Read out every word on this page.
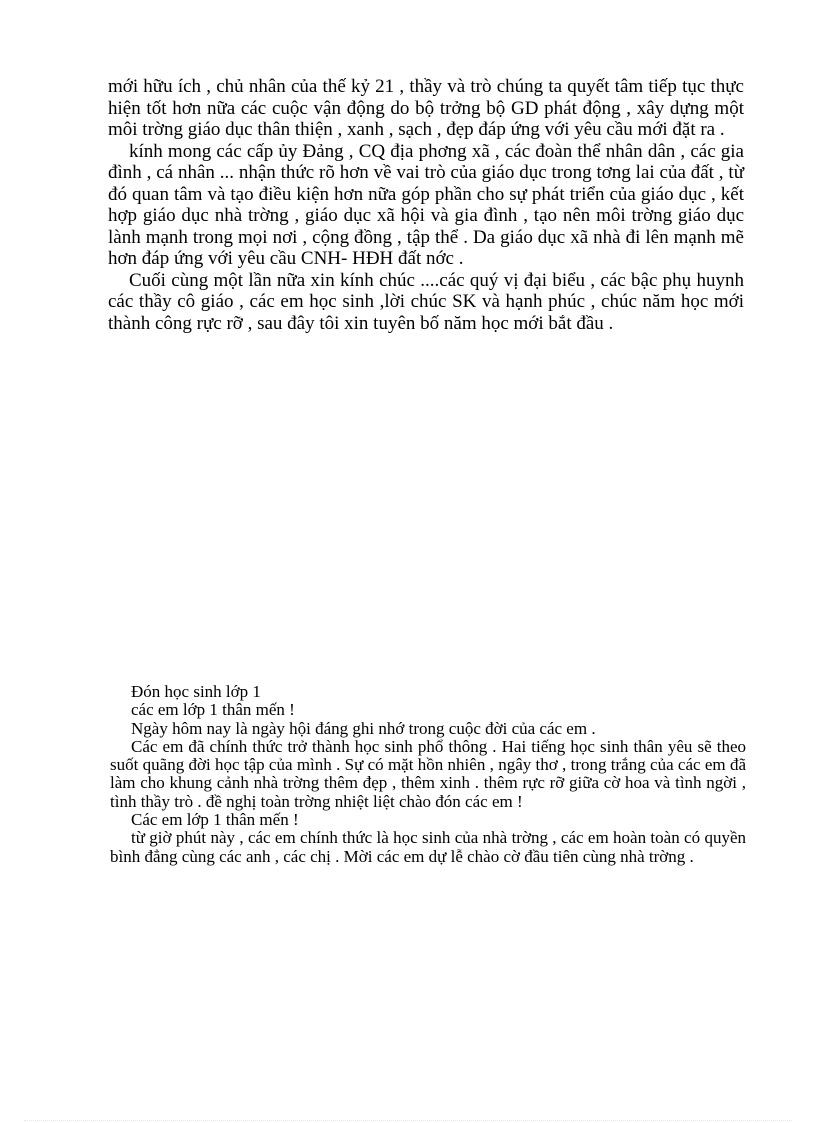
mới hữu ích , chủ nhân của thế kỷ 21 , thầy và trò chúng ta quyết tâm tiếp tục thực hiện tốt hơn nữa các cuộc vận động do bộ trởng bộ GD phát động , xây dựng một môi trờng giáo dục thân thiện , xanh , sạch , đẹp đáp ứng với yêu cầu mới đặt ra .

kính mong các cấp ủy Đảng , CQ địa phơng xã , các đoàn thể nhân dân , các gia đình , cá nhân ... nhận thức rõ hơn về vai trò của giáo dục trong tơng lai của đất , từ đó quan tâm và tạo điều kiện hơn nữa góp phần cho sự phát triển của giáo dục , kết hợp giáo dục nhà trờng , giáo dục xã hội và gia đình , tạo nên môi trờng giáo dục lành mạnh trong mọi nơi , cộng đồng , tập thể . Da giáo dục xã nhà đi lên mạnh mẽ hơn đáp ứng với yêu cầu CNH- HĐH đất nớc .

Cuối cùng một lần nữa xin kính chúc ....các quý vị đại biểu , các bậc phụ huynh các thầy cô giáo , các em học sinh ,lời chúc SK và hạnh phúc , chúc năm học mới thành công rực rỡ , sau đây tôi xin tuyên bố năm học mới bắt đầu .

Đón học sinh lớp 1

các em lớp 1 thân mến !

Ngày hôm nay là ngày hội đáng ghi nhớ trong cuộc đời của các em .

Các em đã chính thức trở thành học sinh phổ thông . Hai tiếng học sinh thân yêu sẽ theo suốt quãng đời học tập của mình . Sự có mặt hồn nhiên , ngây thơ , trong trắng của các em đã làm cho khung cảnh nhà trờng thêm đẹp , thêm xinh . thêm rực rỡ giữa cờ hoa và tình ngời , tình thầy trò . đề nghị toàn trờng nhiệt liệt chào đón các em !

Các em lớp 1 thân mến !

từ giờ phút này , các em chính thức là học sinh của nhà trờng , các em hoàn toàn có quyền bình đẳng cùng các anh , các chị . Mời các em dự lễ chào cờ đầu tiên cùng nhà trờng .
